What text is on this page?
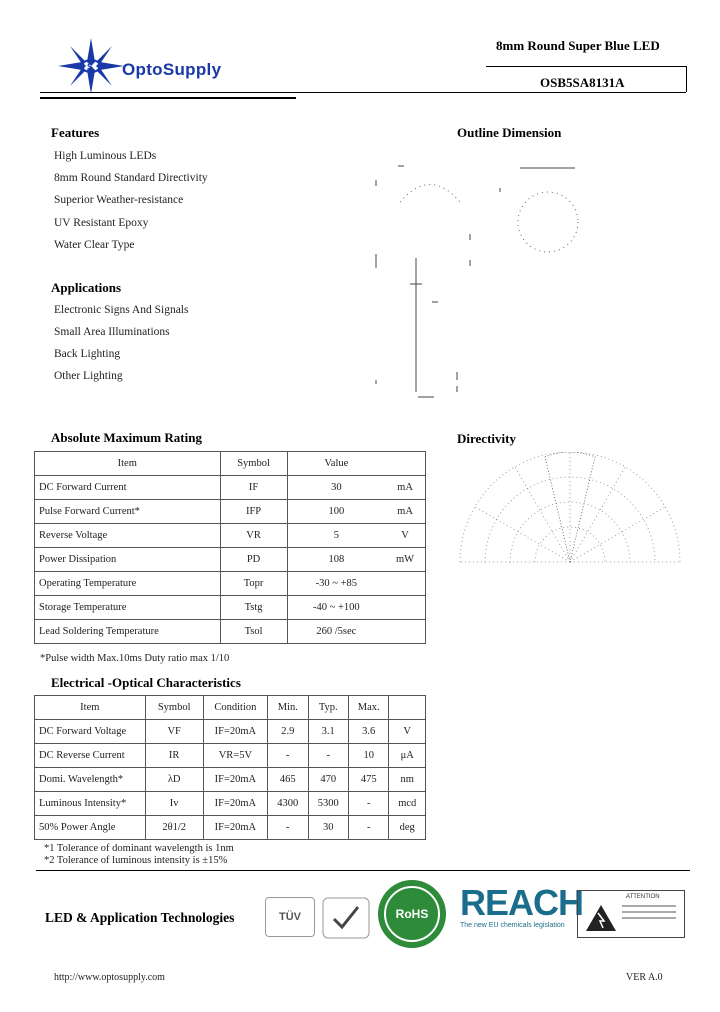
S OptoSupply
8mm Round Super Blue LED
OSB5SA8131A
Features
High Luminous LEDs
8mm Round Standard Directivity
Superior Weather-resistance
UV Resistant Epoxy
Water Clear Type
Applications
Electronic Signs And Signals
Small Area Illuminations
Back Lighting
Other Lighting
Outline Dimension
Directivity
Absolute Maximum Rating
Item	Symbol	Value	
DC Forward Current	IF	30	mA
Pulse Forward Current*	IFP	100	mA
Reverse Voltage	VR	5	V
Power Dissipation	PD	108	mW
Operating Temperature	Topr	-30 ~ +85	
Storage Temperature	Tstg	-40 ~ +100	
Lead Soldering Temperature	Tsol	260 /5sec	
*Pulse width Max.10ms Duty ratio max 1/10
Electrical -Optical Characteristics
Item	Symbol	Condition	Min.	Typ.	Max.	
DC Forward Voltage	VF	IF=20mA	2.9	3.1	3.6	V
DC Reverse Current	IR	VR=5V	-	-	10	μA
Domi. Wavelength*	λD	IF=20mA	465	470	475	nm
Luminous Intensity*	Iv	IF=20mA	4300	5300	-	mcd
50% Power Angle	2θ1/2	IF=20mA	-	30	-	deg
*1 Tolerance of dominant wavelength is 1nm
*2 Tolerance of luminous intensity is ±15%
LED & Application Technologies	TÜV	RoHS REACH
The new EU chemicals legislation
ATTENTION
http://www.optosupply.com	VER A.0
